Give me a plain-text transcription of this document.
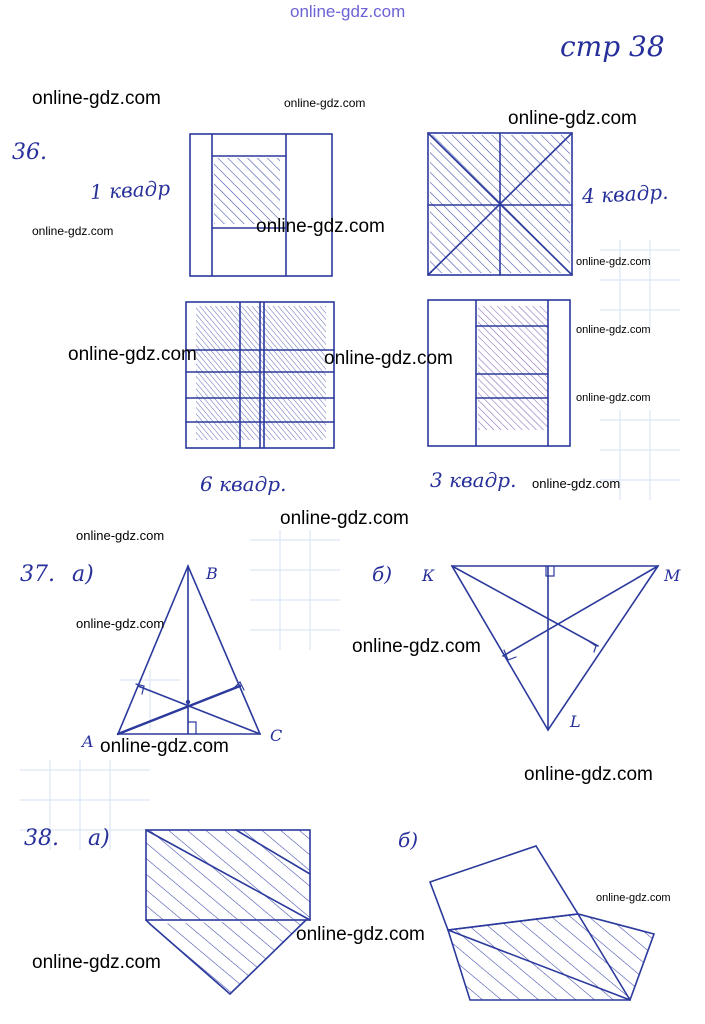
стр 38
36.
1 квадр	4 квадр.
6 квадр.	3 квадр.
37. а)	б)
B
A	C
К	М
L
38. а)	б)
online-gdz.com
online-gdz.com	online-gdz.com
online-gdz.com
online-gdz.com	online-gdz.com
online-gdz.com
online-gdz.com
online-gdz.com	online-gdz.com
online-gdz.com
online-gdz.com
online-gdz.com
online-gdz.com
online-gdz.com
online-gdz.com
online-gdz.com
online-gdz.com
online-gdz.com
online-gdz.com
online-gdz.com
